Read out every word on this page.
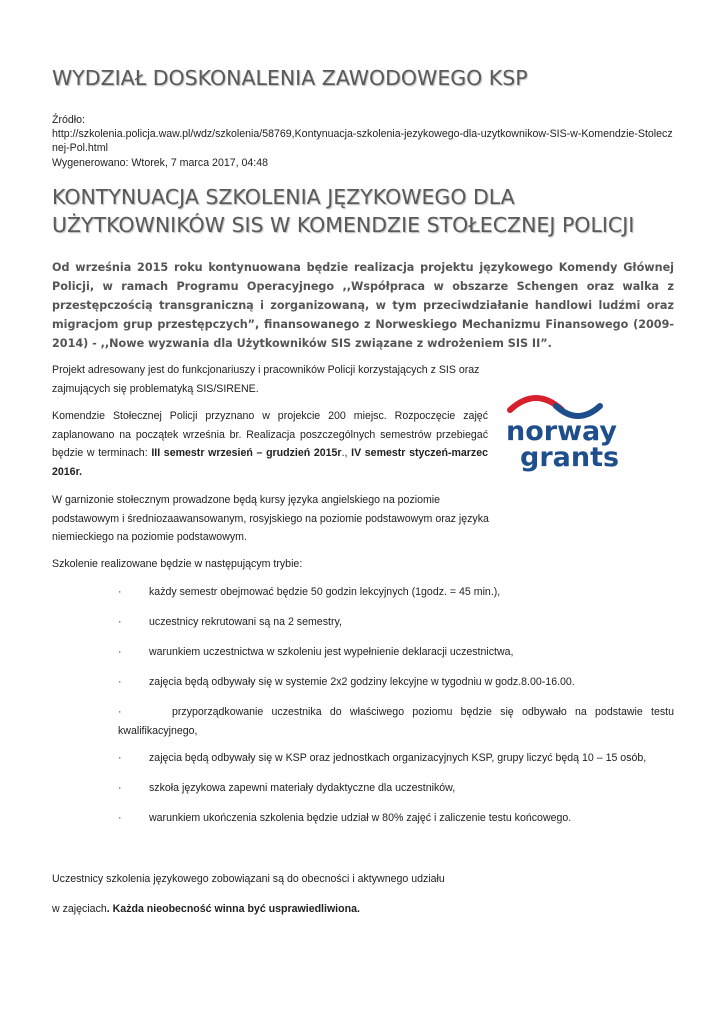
WYDZIAŁ DOSKONALENIA ZAWODOWEGO KSP
Źródło:
http://szkolenia.policja.waw.pl/wdz/szkolenia/58769,Kontynuacja-szkolenia-jezykowego-dla-uzytkownikow-SIS-w-Komendzie-Stolecznej-Pol.html
Wygenerowano: Wtorek, 7 marca 2017, 04:48
KONTYNUACJA SZKOLENIA JĘZYKOWEGO DLA UŻYTKOWNIKÓW SIS W KOMENDZIE STOŁECZNEJ POLICJI

Od września 2015 roku kontynuowana będzie realizacja projektu językowego Komendy Głównej Policji, w ramach Programu Operacyjnego ,,Współpraca w obszarze Schengen oraz walka z przestępczością transgraniczną i zorganizowaną, w tym przeciwdziałanie handlowi ludźmi oraz migracjom grup przestępczych”, finansowanego z Norweskiego Mechanizmu Finansowego (2009-2014) - ,,Nowe wyzwania dla Użytkowników SIS związane z wdrożeniem SIS II”.

Projekt adresowany jest do funkcjonariuszy i pracowników Policji korzystających z SIS oraz zajmujących się problematyką SIS/SIRENE.

Komendzie Stołecznej Policji przyznano w projekcie 200 miejsc. Rozpoczęcie zajęć zaplanowano na początek września br. Realizacja poszczególnych semestrów przebiegać będzie w terminach: III semestr wrzesień – grudzień 2015r., IV semestr styczeń-marzec 2016r.

W garnizonie stołecznym prowadzone będą kursy języka angielskiego na poziomie podstawowym i średniozaawansowanym, rosyjskiego na poziomie podstawowym oraz języka niemieckiego na poziomie podstawowym.

Szkolenie realizowane będzie w następującym trybie:

norway
grants
·	każdy semestr obejmować będzie 50 godzin lekcyjnych (1godz. = 45 min.),
·	uczestnicy rekrutowani są na 2 semestry,
·	warunkiem uczestnictwa w szkoleniu jest wypełnienie deklaracji uczestnictwa,
·	zajęcia będą odbywały się w systemie 2x2 godziny lekcyjne w tygodniu w godz.8.00-16.00.
·	przyporządkowanie uczestnika do właściwego poziomu będzie się odbywało na podstawie testu kwalifikacyjnego,
·	zajęcia będą odbywały się w KSP oraz jednostkach organizacyjnych KSP, grupy liczyć będą 10 – 15 osób,
·	szkoła językowa zapewni materiały dydaktyczne dla uczestników,
·	warunkiem ukończenia szkolenia będzie udział w 80% zajęć i zaliczenie testu końcowego.

Uczestnicy szkolenia językowego zobowiązani są do obecności i aktywnego udziału

w zajęciach. Każda nieobecność winna być usprawiedliwiona.
